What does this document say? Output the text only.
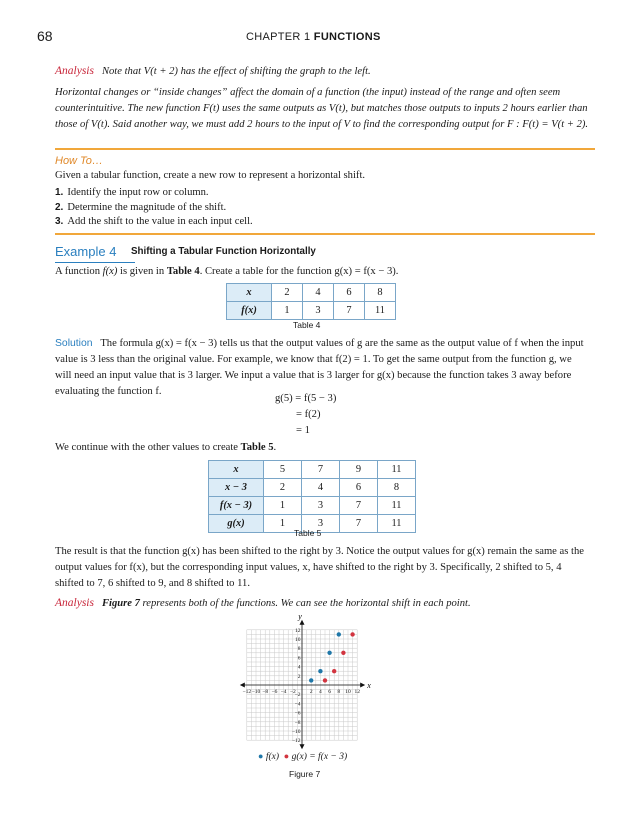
68	CHAPTER 1 FUNCTIONS
Analysis Note that V(t + 2) has the effect of shifting the graph to the left.
Horizontal changes or “inside changes” affect the domain of a function (the input) instead of the range and often seem counterintuitive. The new function F(t) uses the same outputs as V(t), but matches those outputs to inputs 2 hours earlier than those of V(t). Said another way, we must add 2 hours to the input of V to find the corresponding output for F : F(t) = V(t + 2).
How To…
Given a tabular function, create a new row to represent a horizontal shift.
1. Identify the input row or column.
2. Determine the magnitude of the shift.
3. Add the shift to the value in each input cell.
Example 4 Shifting a Tabular Function Horizontally
A function f(x) is given in Table 4. Create a table for the function g(x) = f(x − 3).
x	2	4	6	8
f(x)	1	3	7	11
Table 4
Solution The formula g(x) = f(x − 3) tells us that the output values of g are the same as the output value of f when the input value is 3 less than the original value. For example, we know that f(2) = 1. To get the same output from the function g, we will need an input value that is 3 larger. We input a value that is 3 larger for g(x) because the function takes 3 away before evaluating the function f.
g(5) = f(5 − 3)
= f(2)
= 1
We continue with the other values to create Table 5.
x	5	7	9	11
x − 3	2	4	6	8
f(x − 3)	1	3	7	11
g(x)	1	3	7	11
Table 5
The result is that the function g(x) has been shifted to the right by 3. Notice the output values for g(x) remain the same as the output values for f(x), but the corresponding input values, x, have shifted to the right by 3. Specifically, 2 shifted to 5, 4 shifted to 7, 6 shifted to 9, and 8 shifted to 11.
Analysis Figure 7 represents both of the functions. We can see the horizontal shift in each point.
−12 −10 −8 −6 −4 −2	2 4 6 8 10 12
−12
−10
−8
−6
−4
−2
2
4
6
8
10
12
x
y
● f(x) ● g(x) = f(x − 3)
Figure 7
